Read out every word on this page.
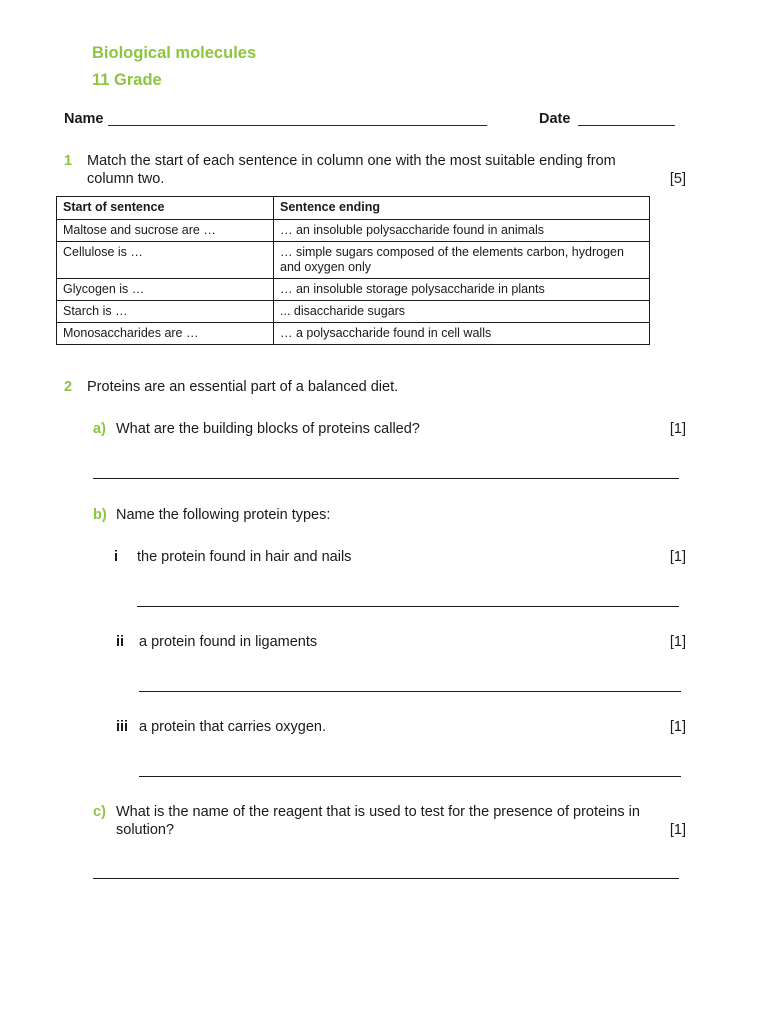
Biological molecules
11 Grade
Name _______________________________________________	Date ____________
1 Match the start of each sentence in column one with the most suitable ending from
column two.	[5]
Start of sentence	Sentence ending
Maltose and sucrose are …	… an insoluble polysaccharide found in animals
Cellulose is …	… simple sugars composed of the elements carbon, hydrogen and oxygen only
Glycogen is …	… an insoluble storage polysaccharide in plants
Starch is …	... disaccharide sugars
Monosaccharides are …	… a polysaccharide found in cell walls
2 Proteins are an essential part of a balanced diet.
a) What are the building blocks of proteins called?	[1]
b) Name the following protein types:
i the protein found in hair and nails	[1]
ii a protein found in ligaments	[1]
iii a protein that carries oxygen.	[1]
c) What is the name of the reagent that is used to test for the presence of proteins in
solution?	[1]
